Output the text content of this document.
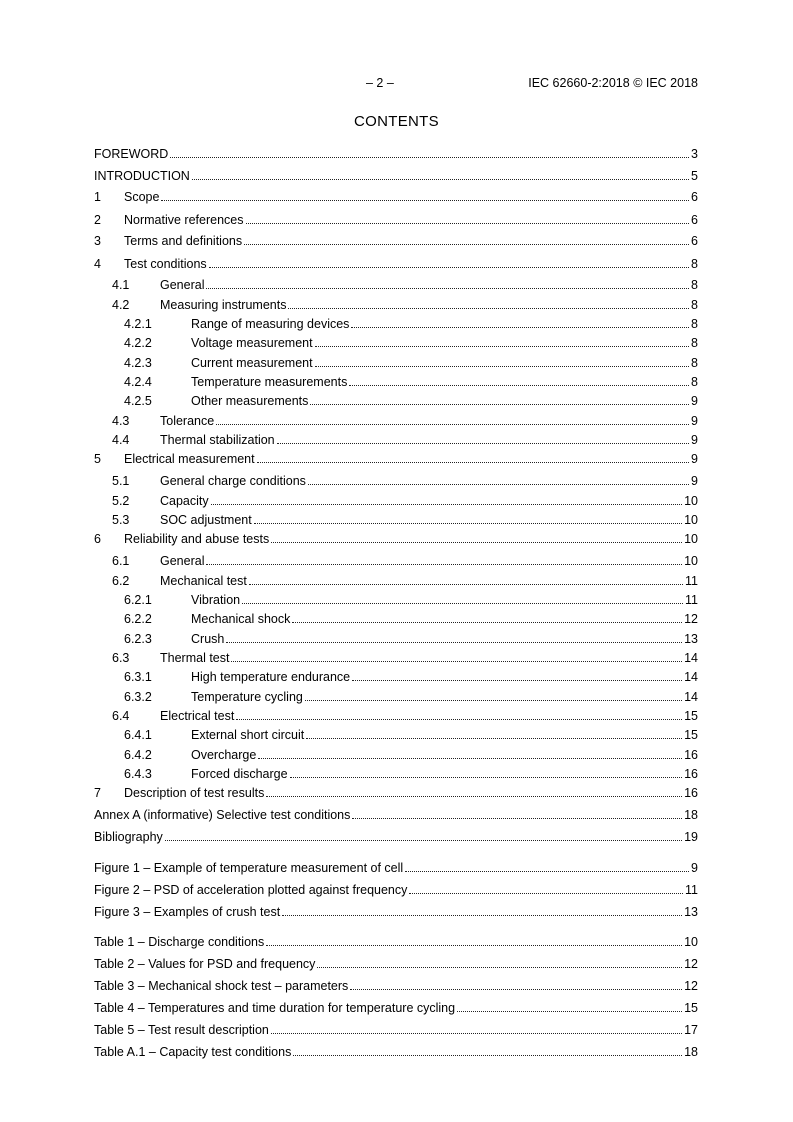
– 2 –	IEC 62660-2:2018 © IEC 2018
CONTENTS
FOREWORD	3
INTRODUCTION	5
1	Scope	6
2	Normative references	6
3	Terms and definitions	6
4	Test conditions	8
4.1	General	8
4.2	Measuring instruments	8
4.2.1	Range of measuring devices	8
4.2.2	Voltage measurement	8
4.2.3	Current measurement	8
4.2.4	Temperature measurements	8
4.2.5	Other measurements	9
4.3	Tolerance	9
4.4	Thermal stabilization	9
5	Electrical measurement	9
5.1	General charge conditions	9
5.2	Capacity	10
5.3	SOC adjustment	10
6	Reliability and abuse tests	10
6.1	General	10
6.2	Mechanical test	11
6.2.1	Vibration	11
6.2.2	Mechanical shock	12
6.2.3	Crush	13
6.3	Thermal test	14
6.3.1	High temperature endurance	14
6.3.2	Temperature cycling	14
6.4	Electrical test	15
6.4.1	External short circuit	15
6.4.2	Overcharge	16
6.4.3	Forced discharge	16
7	Description of test results	16
Annex A (informative) Selective test conditions	18
Bibliography	19
Figure 1 – Example of temperature measurement of cell	9
Figure 2 – PSD of acceleration plotted against frequency	11
Figure 3 – Examples of crush test	13
Table 1 – Discharge conditions	10
Table 2 – Values for PSD and frequency	12
Table 3 – Mechanical shock test – parameters	12
Table 4 – Temperatures and time duration for temperature cycling	15
Table 5 – Test result description	17
Table A.1 – Capacity test conditions	18
